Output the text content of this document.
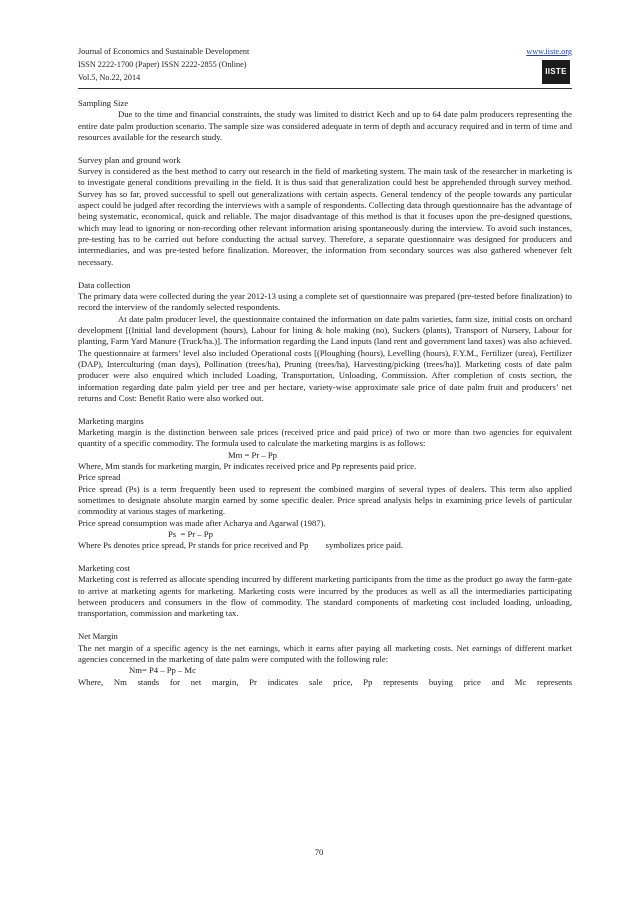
Journal of Economics and Sustainable Development
ISSN 2222-1700 (Paper) ISSN 2222-2855 (Online)
Vol.5, No.22, 2014
www.iiste.org
IISTE

Sampling Size

Due to the time and financial constraints, the study was limited to district Kech and up to 64 date palm producers representing the entire date palm production scenario. The sample size was considered adequate in term of depth and accuracy required and in term of time and resources available for the research study.

Survey plan and ground work

Survey is considered as the best method to carry out research in the field of marketing system. The main task of the researcher in marketing is to investigate general conditions prevailing in the field. It is thus said that generalization could best be apprehended through survey method. Survey has so far, proved successful to spell out generalizations with certain aspects. General tendency of the people towards any particular aspect could be judged after recording the interviews with a sample of respondents. Collecting data through questionnaire has the advantage of being systematic, economical, quick and reliable. The major disadvantage of this method is that it focuses upon the pre-designed questions, which may lead to ignoring or non-recording other relevant information arising spontaneously during the interview. To avoid such instances, pre-testing has to be carried out before conducting the actual survey. Therefore, a separate questionnaire was designed for producers and intermediaries, and was pre-tested before finalization. Moreover, the information from secondary sources was also gathered whenever felt necessary.

Data collection

The primary data were collected during the year 2012-13 using a complete set of questionnaire was prepared (pre-tested before finalization) to record the interview of the randomly selected respondents.

At date palm producer level, the questionnaire contained the information on date palm varieties, farm size, initial costs on orchard development [(Initial land development (hours), Labour for lining & hole making (no), Suckers (plants), Transport of Nursery, Labour for planting, Farm Yard Manure (Truck/ha.)]. The information regarding the Land inputs (land rent and government land taxes) was also achieved. The questionnaire at farmers’ level also included Operational costs [(Ploughing (hours), Levelling (hours), F.Y.M., Fertilizer (urea), Fertilizer (DAP), Interculturing (man days), Pollination (trees/ha), Pruning (trees/ha), Harvesting/picking (trees/ha)]. Marketing costs of date palm producer were also enquired which included Loading, Transportation, Unloading, Commission. After completion of costs section, the information regarding date palm yield per tree and per hectare, variety-wise approximate sale price of date palm fruit and producers’ net returns and Cost: Benefit Ratio were also worked out.

Marketing margins

Marketing margin is the distinction between sale prices (received price and paid price) of two or more than two agencies for equivalent quantity of a specific commodity. The formula used to calculate the marketing margins is as follows:

Mm = Pr – Pp

Where, Mm stands for marketing margin, Pr indicates received price and Pp represents paid price.

Price spread

Price spread (Ps) is a term frequently been used to represent the combined margins of several types of dealers. This term also applied sometimes to designate absolute margin earned by some specific dealer. Price spread analysis helps in examining price levels of particular commodity at various stages of marketing.

Price spread consumption was made after Acharya and Agarwal (1987).

Ps  = Pr – Pp

Where Ps denotes price spread, Pr stands for price received and Pp        symbolizes price paid.

Marketing cost

Marketing cost is referred as allocate spending incurred by different marketing participants from the time as the product go away the farm-gate to arrive at marketing agents for marketing. Marketing costs were incurred by the produces as well as all the intermediaries participating between producers and consumers in the flow of commodity. The standard components of marketing cost included loading, unloading, transportation, commission and marketing tax.

Net Margin

The net margin of a specific agency is the net earnings, which it earns after paying all marketing costs. Net earnings of different market agencies concerned in the marketing of date palm were computed with the following rule:

Nm= P4 – Pp – Mc

Where, Nm stands for net margin, Pr indicates sale price, Pp represents buying price and Mc represents

70
